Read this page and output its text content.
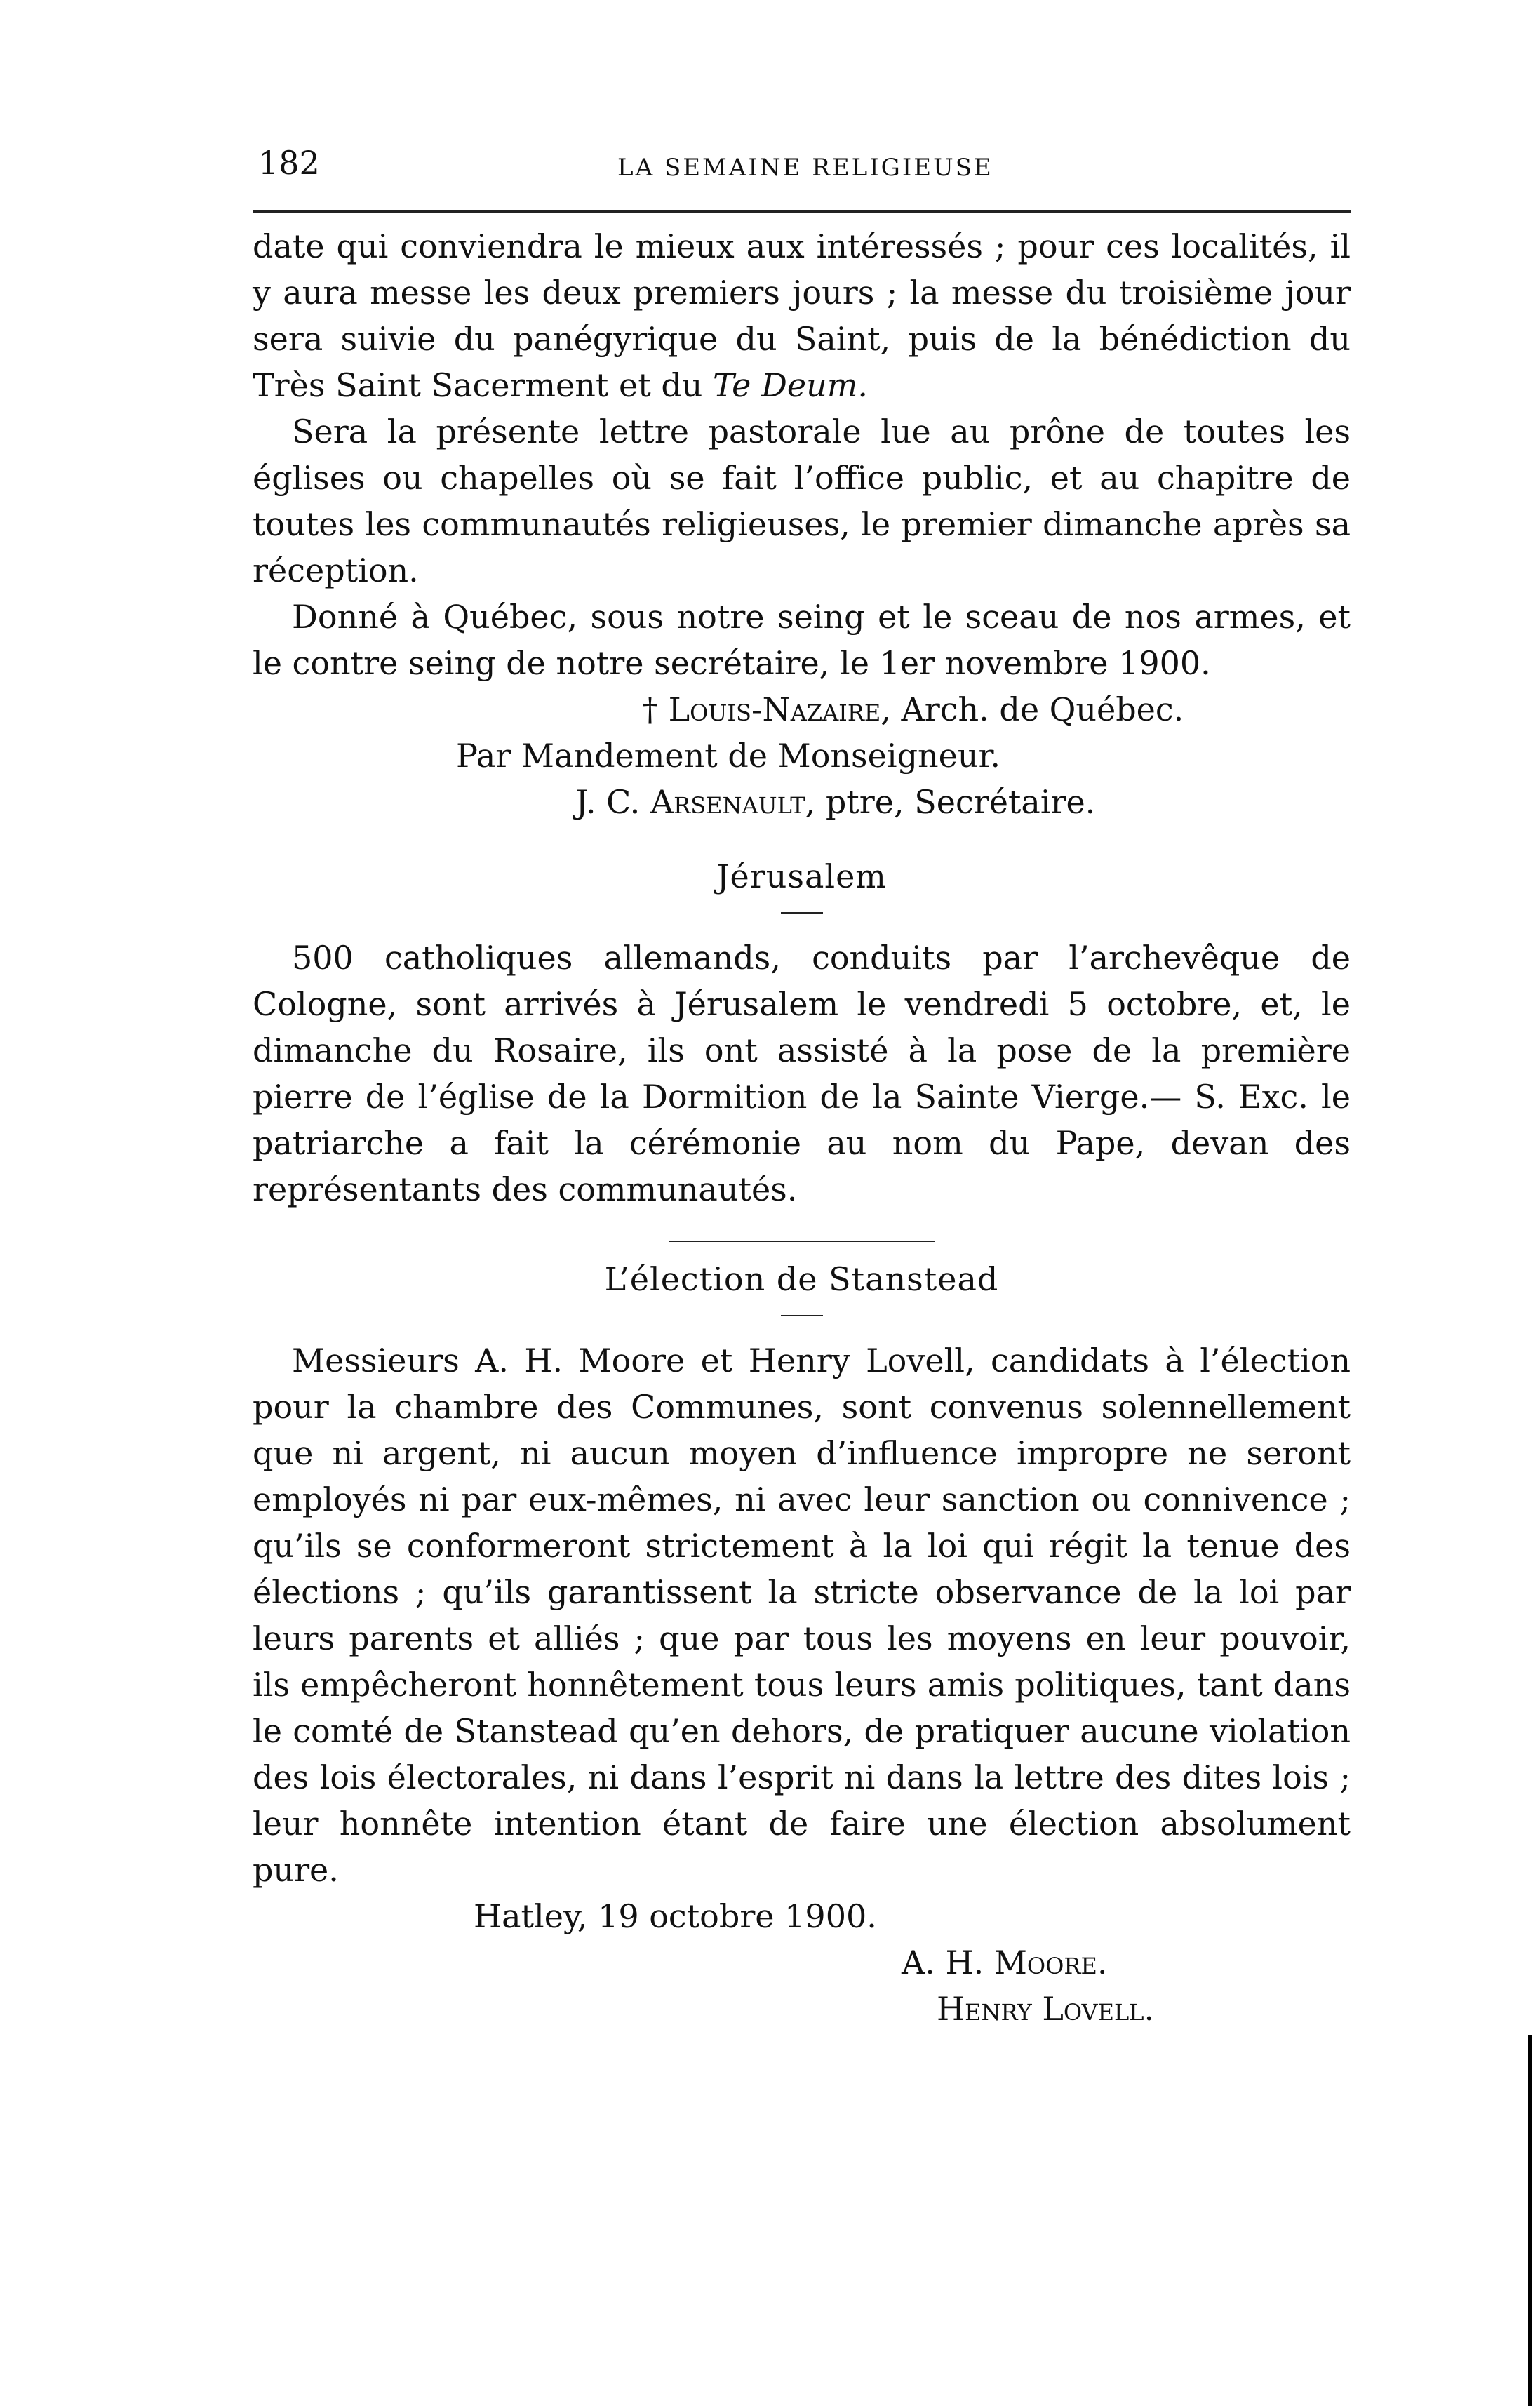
182	LA SEMAINE RELIGIEUSE

date qui conviendra le mieux aux intéressés ; pour ces localités, il y aura messe les deux premiers jours ; la messe du troisième jour sera suivie du panégyrique du Saint, puis de la bénédiction du Très Saint Sacerment et du Te Deum.

Sera la présente lettre pastorale lue au prône de toutes les églises ou chapelles où se fait l’office public, et au chapitre de toutes les communautés religieuses, le premier dimanche après sa réception.

Donné à Québec, sous notre seing et le sceau de nos armes, et le contre seing de notre secrétaire, le 1er novembre 1900.

† Louis-Nazaire, Arch. de Québec.

Par Mandement de Monseigneur.

J. C. Arsenault, ptre, Secrétaire.

Jérusalem

500 catholiques allemands, conduits par l’archevêque de Cologne, sont arrivés à Jérusalem le vendredi 5 octobre, et, le dimanche du Rosaire, ils ont assisté à la pose de la première pierre de l’église de la Dormition de la Sainte Vierge.— S. Exc. le patriarche a fait la cérémonie au nom du Pape, devan des représentants des communautés.

L’élection de Stanstead

Messieurs A. H. Moore et Henry Lovell, candidats à l’élection pour la chambre des Communes, sont convenus solennellement que ni argent, ni aucun moyen d’influence impropre ne seront employés ni par eux-mêmes, ni avec leur sanction ou connivence ; qu’ils se conformeront strictement à la loi qui régit la tenue des élections ; qu’ils garantissent la stricte observance de la loi par leurs parents et alliés ; que par tous les moyens en leur pouvoir, ils empêcheront honnêtement tous leurs amis politiques, tant dans le comté de Stanstead qu’en dehors, de pratiquer aucune violation des lois électorales, ni dans l’esprit ni dans la lettre des dites lois ; leur honnête intention étant de faire une élection absolument pure.

Hatley, 19 octobre 1900.

A. H. Moore.

Henry Lovell.
